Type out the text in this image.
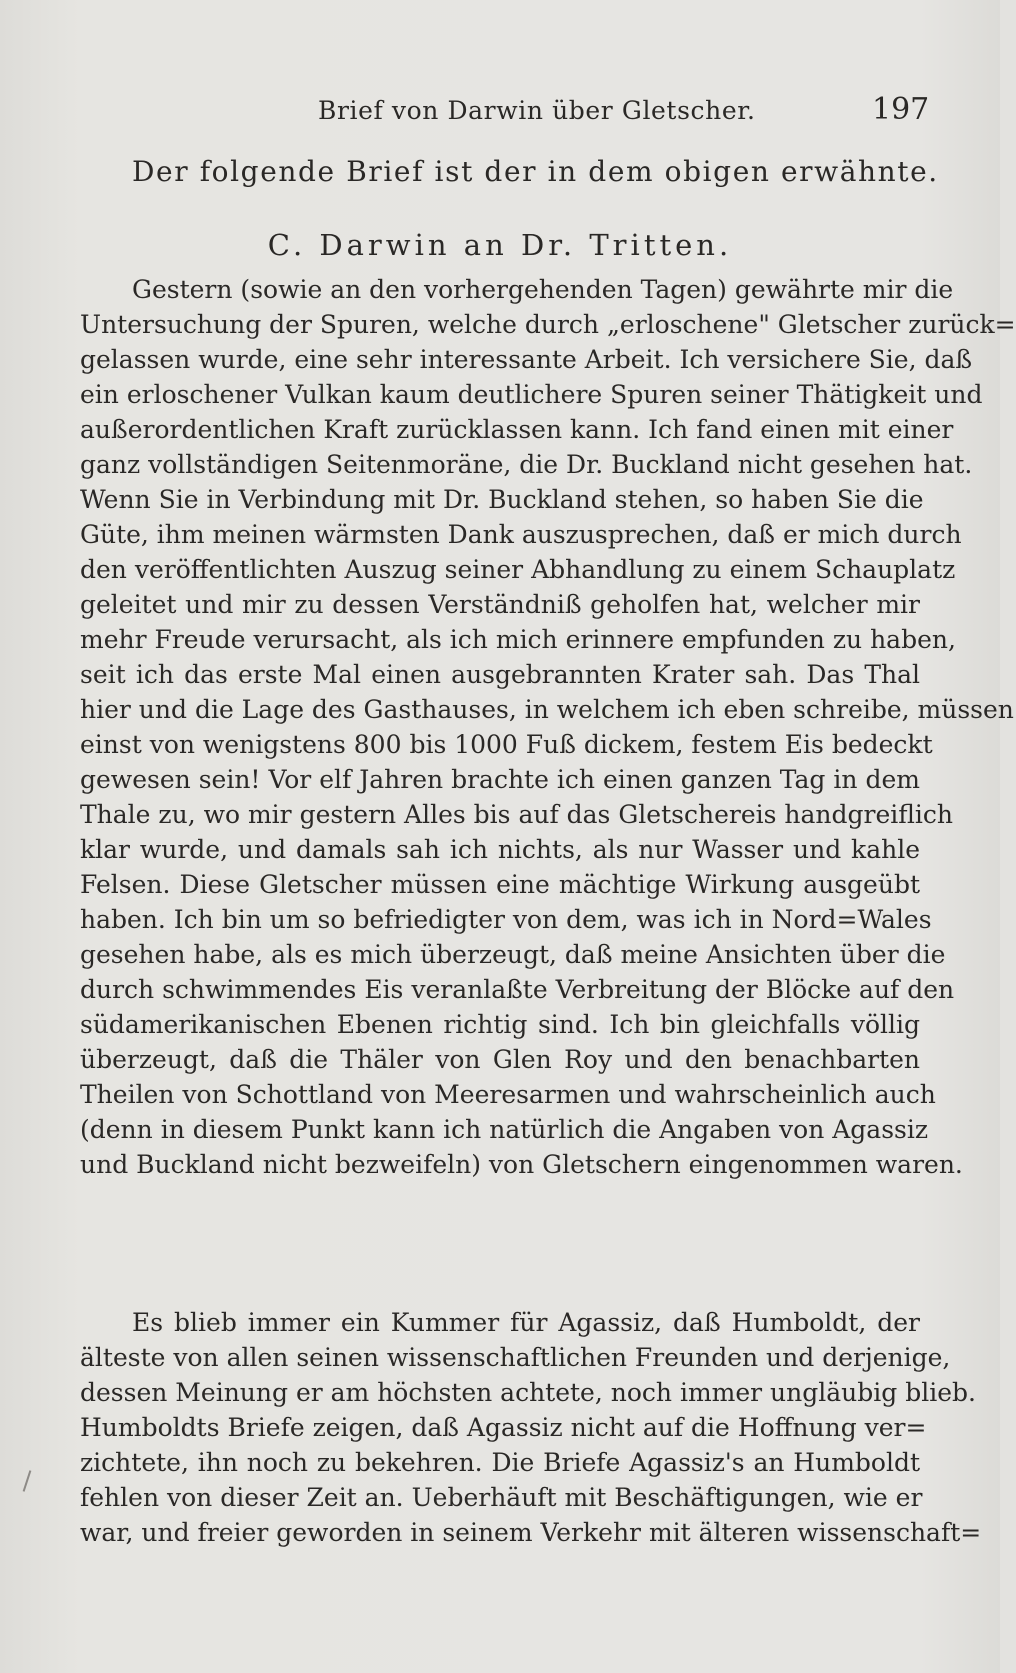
Brief von Darwin über Gletscher.	197
Der folgende Brief ist der in dem obigen erwähnte.
C. Darwin an Dr. Tritten.
Gestern (sowie an den vorhergehenden Tagen) gewährte mir die
Untersuchung der Spuren, welche durch „erloschene" Gletscher zurück=
gelassen wurde, eine sehr interessante Arbeit. Ich versichere Sie, daß
ein erloschener Vulkan kaum deutlichere Spuren seiner Thätigkeit und
außerordentlichen Kraft zurücklassen kann. Ich fand einen mit einer
ganz vollständigen Seitenmoräne, die Dr. Buckland nicht gesehen hat.
Wenn Sie in Verbindung mit Dr. Buckland stehen, so haben Sie die
Güte, ihm meinen wärmsten Dank auszusprechen, daß er mich durch
den veröffentlichten Auszug seiner Abhandlung zu einem Schauplatz
geleitet und mir zu dessen Verständniß geholfen hat, welcher mir
mehr Freude verursacht, als ich mich erinnere empfunden zu haben,
seit ich das erste Mal einen ausgebrannten Krater sah. Das Thal
hier und die Lage des Gasthauses, in welchem ich eben schreibe, müssen
einst von wenigstens 800 bis 1000 Fuß dickem, festem Eis bedeckt
gewesen sein! Vor elf Jahren brachte ich einen ganzen Tag in dem
Thale zu, wo mir gestern Alles bis auf das Gletschereis handgreiflich
klar wurde, und damals sah ich nichts, als nur Wasser und kahle
Felsen. Diese Gletscher müssen eine mächtige Wirkung ausgeübt
haben. Ich bin um so befriedigter von dem, was ich in Nord=Wales
gesehen habe, als es mich überzeugt, daß meine Ansichten über die
durch schwimmendes Eis veranlaßte Verbreitung der Blöcke auf den
südamerikanischen Ebenen richtig sind. Ich bin gleichfalls völlig
überzeugt, daß die Thäler von Glen Roy und den benachbarten
Theilen von Schottland von Meeresarmen und wahrscheinlich auch
(denn in diesem Punkt kann ich natürlich die Angaben von Agassiz
und Buckland nicht bezweifeln) von Gletschern eingenommen waren.
Es blieb immer ein Kummer für Agassiz, daß Humboldt, der
älteste von allen seinen wissenschaftlichen Freunden und derjenige,
dessen Meinung er am höchsten achtete, noch immer ungläubig blieb.
Humboldts Briefe zeigen, daß Agassiz nicht auf die Hoffnung ver=
zichtete, ihn noch zu bekehren. Die Briefe Agassiz's an Humboldt
fehlen von dieser Zeit an. Ueberhäuft mit Beschäftigungen, wie er
war, und freier geworden in seinem Verkehr mit älteren wissenschaft=
